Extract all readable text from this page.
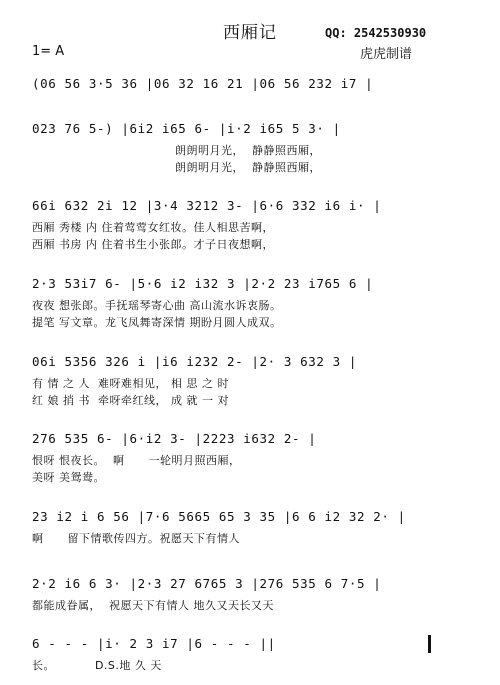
西厢记	QQ: 2542530930
1= A	虎虎制谱
(06 56 3·5 36 |06 32 16 21 |06 56 232 i7 |
023 76 5-) |6i2 i65 6- |i·2 i65 5 3· |
朗朗明月光，  静静照西厢，
朗朗明月光，  静静照西厢，
66i 632 2i 12 |3·4 3212 3- |6·6 332 i6 i· |
西厢 秀楼 内 住着莺莺女红妆。佳人相思苦啊，
西厢 书房 内 住着书生小张郎。才子日夜想啊，
2·3 53i7 6- |5·6 i2 i32 3 |2·2 23 i765 6 |
夜夜 想张郎。手抚瑶琴寄心曲 高山流水诉衷肠。
提笔 写文章。龙飞凤舞寄深情 期盼月圆人成双。
06i 5356 326 i |i6 i232 2- |2· 3 632 3 |
有 情 之 人  难呀难相见， 相 思 之 时
红 娘 捎 书  牵呀牵红线， 成 就 一 对
276 535 6- |6·i2 3- |2223 i632 2- |
恨呀 恨夜长。  啊      一轮明月照西厢，
美呀 美鸳鸯。
23 i2 i 6 56 |7·6 5665 65 3 35 |6 6 i2 32 2· |
啊      留下情歌传四方。祝愿天下有情人
2·2 i6 6 3· |2·3 27 6765 3 |276 535 6 7·5 |
都能成眷属，  祝愿天下有情人 地久又天长又天
6 - - - |i· 2 3 i7 |6 - - - ||
长。          D.S.地 久 天
